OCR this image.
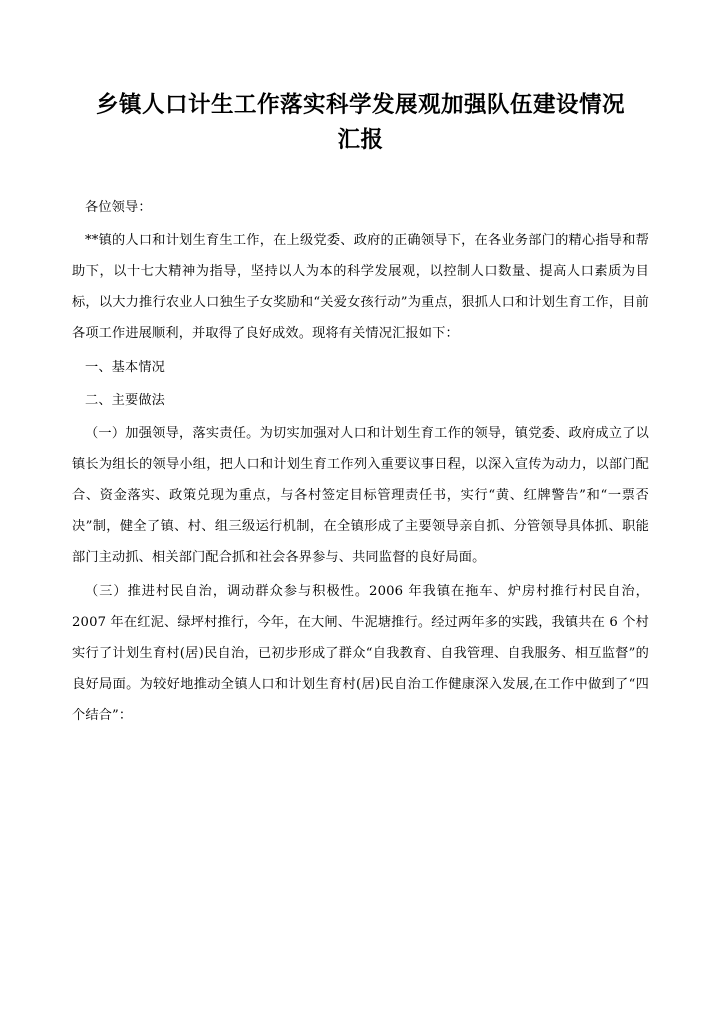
乡镇人口计生工作落实科学发展观加强队伍建设情况汇报

各位领导：

**镇的人口和计划生育生工作，在上级党委、政府的正确领导下，在各业务部门的精心指导和帮助下，以十七大精神为指导，坚持以人为本的科学发展观，以控制人口数量、提高人口素质为目标，以大力推行农业人口独生子女奖励和“关爱女孩行动”为重点，狠抓人口和计划生育工作，目前各项工作进展顺利，并取得了良好成效。现将有关情况汇报如下：

一、基本情况

二、主要做法

（一）加强领导，落实责任。为切实加强对人口和计划生育工作的领导，镇党委、政府成立了以镇长为组长的领导小组，把人口和计划生育工作列入重要议事日程，以深入宣传为动力，以部门配合、资金落实、政策兑现为重点，与各村签定目标管理责任书，实行“黄、红牌警告”和“一票否决”制，健全了镇、村、组三级运行机制，在全镇形成了主要领导亲自抓、分管领导具体抓、职能部门主动抓、相关部门配合抓和社会各界参与、共同监督的良好局面。

（三）推进村民自治，调动群众参与积极性。2006 年我镇在拖车、炉房村推行村民自治，2007 年在红泥、绿坪村推行，今年，在大闸、牛泥塘推行。经过两年多的实践，我镇共在 6 个村实行了计划生育村(居)民自治，已初步形成了群众“自我教育、自我管理、自我服务、相互监督”的良好局面。为较好地推动全镇人口和计划生育村(居)民自治工作健康深入发展,在工作中做到了“四个结合”：
